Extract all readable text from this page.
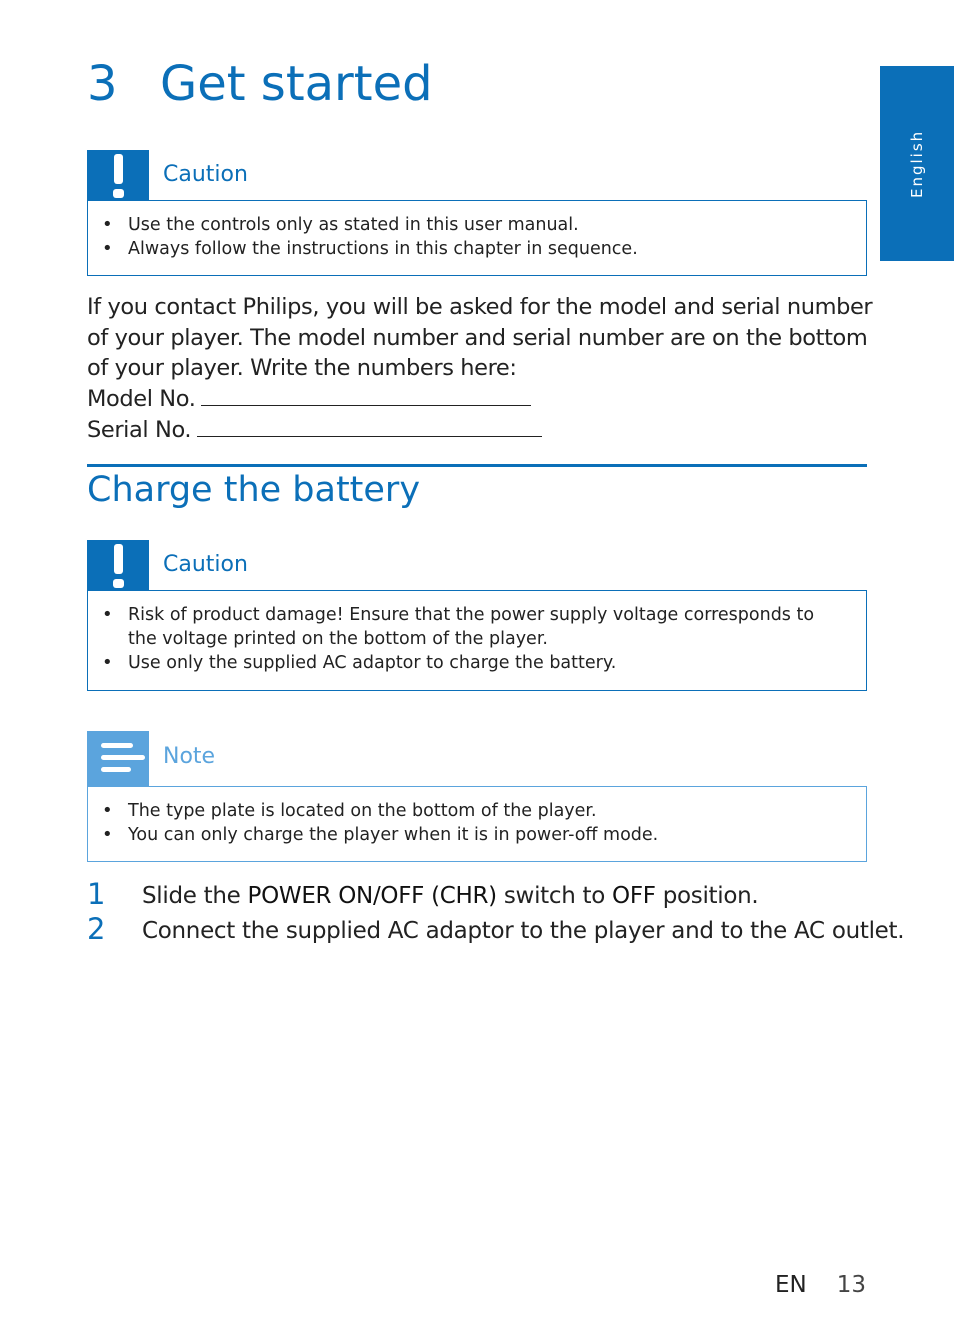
3 Get started
English
Caution
• Use the controls only as stated in this user manual.
• Always follow the instructions in this chapter in sequence.

If you contact Philips, you will be asked for the model and serial number of your player. The model number and serial number are on the bottom of your player. Write the numbers here:

Model No.
Serial No.
Charge the battery
Caution
• Risk of product damage! Ensure that the power supply voltage corresponds to the voltage printed on the bottom of the player.
• Use only the supplied AC adaptor to charge the battery.
Note
• The type plate is located on the bottom of the player.
• You can only charge the player when it is in power-off mode.
1 Slide the POWER ON/OFF (CHR) switch to OFF position.
2 Connect the supplied AC adaptor to the player and to the AC outlet.
EN 13
